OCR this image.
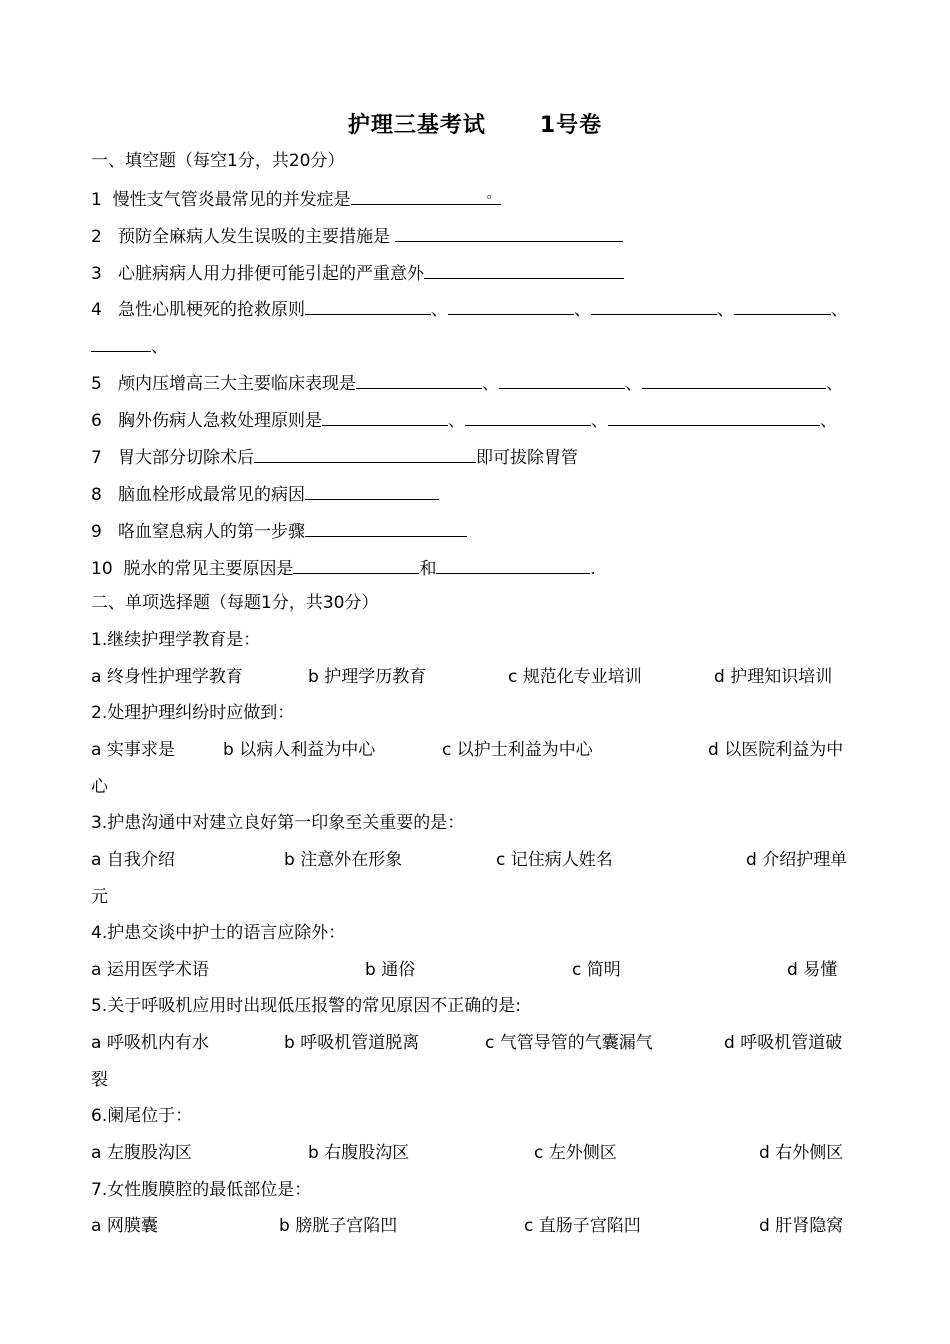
护理三基考试 1号卷
一、填空题（每空1分，共20分）
1 慢性支气管炎最常见的并发症是	。
2 预防全麻病人发生误吸的主要措施是
3 心脏病病人用力排便可能引起的严重意外
4 急性心肌梗死的抢救原则	、	、	、	、
、
5 颅内压增高三大主要临床表现是	、	、	、
6 胸外伤病人急救处理原则是	、	、	、
7 胃大部分切除术后	即可拔除胃管
8 脑血栓形成最常见的病因
9 咯血窒息病人的第一步骤
10 脱水的常见主要原因是	和	.
二、单项选择题（每题1分，共30分）
1.继续护理学教育是：
a 终身性护理学教育	b 护理学历教育	c 规范化专业培训	d 护理知识培训
2.处理护理纠纷时应做到：
a 实事求是	b 以病人利益为中心	c 以护士利益为中心	d 以医院利益为中
心
3.护患沟通中对建立良好第一印象至关重要的是：
a 自我介绍	b 注意外在形象	c 记住病人姓名	d 介绍护理单
元
4.护患交谈中护士的语言应除外：
a 运用医学术语	b 通俗	c 简明	d 易懂
5.关于呼吸机应用时出现低压报警的常见原因不正确的是:
a 呼吸机内有水	b 呼吸机管道脱离	c 气管导管的气囊漏气	d 呼吸机管道破
裂
6.阑尾位于：
a 左腹股沟区	b 右腹股沟区	c 左外侧区	d 右外侧区
7.女性腹膜腔的最低部位是：
a 网膜囊	b 膀胱子宫陷凹	c 直肠子宫陷凹	d 肝肾隐窝
